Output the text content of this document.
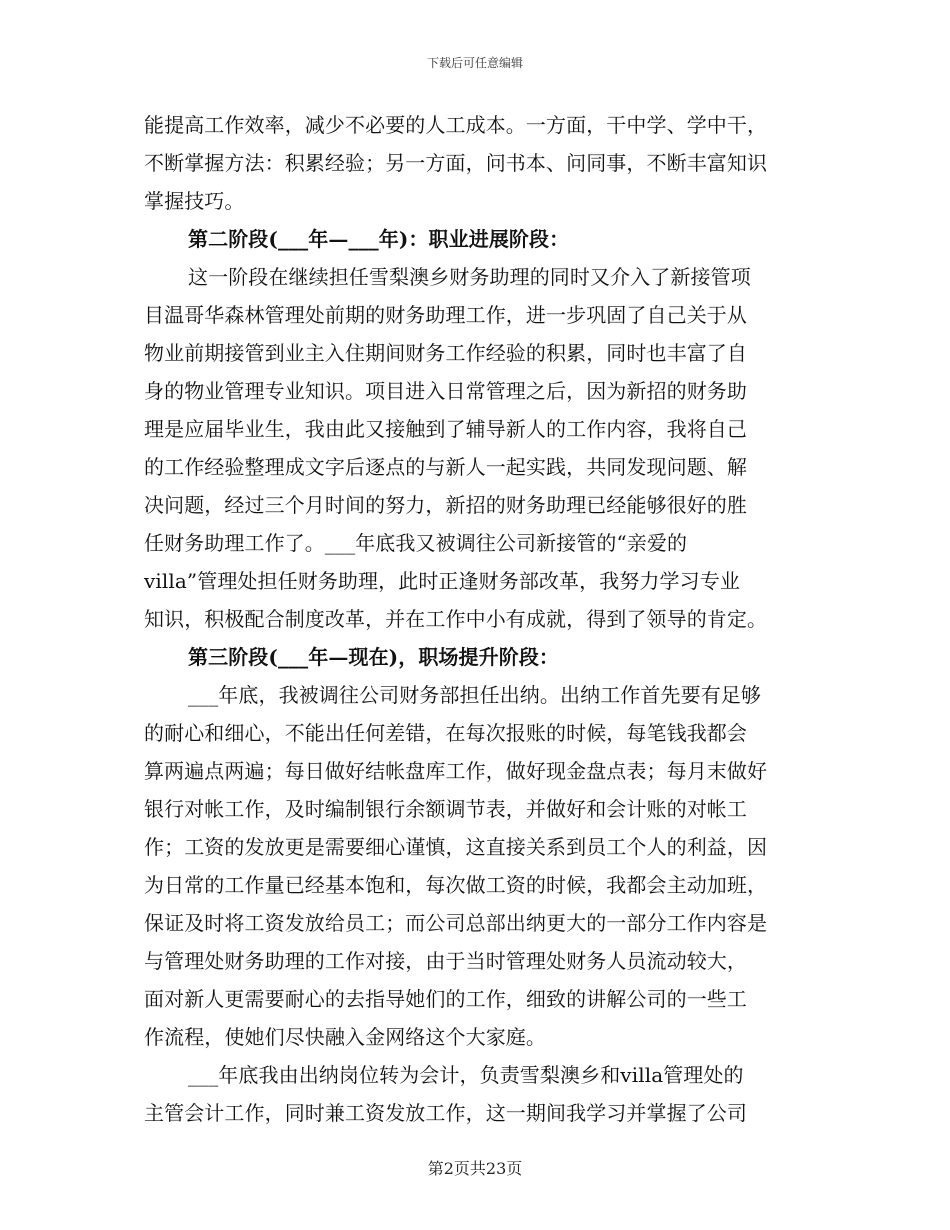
下载后可任意编辑
能提高工作效率，减少不必要的人工成本。一方面，干中学、学中干，
不断掌握方法：积累经验；另一方面，问书本、问同事，不断丰富知识
掌握技巧。
第二阶段(___年—___年)：职业进展阶段：
这一阶段在继续担任雪梨澳乡财务助理的同时又介入了新接管项
目温哥华森林管理处前期的财务助理工作，进一步巩固了自己关于从
物业前期接管到业主入住期间财务工作经验的积累，同时也丰富了自
身的物业管理专业知识。项目进入日常管理之后，因为新招的财务助
理是应届毕业生，我由此又接触到了辅导新人的工作内容，我将自己
的工作经验整理成文字后逐点的与新人一起实践，共同发现问题、解
决问题，经过三个月时间的努力，新招的财务助理已经能够很好的胜
任财务助理工作了。___年底我又被调往公司新接管的“亲爱的
villa”管理处担任财务助理，此时正逢财务部改革，我努力学习专业
知识，积极配合制度改革，并在工作中小有成就，得到了领导的肯定。
第三阶段(___年—现在)，职场提升阶段：
___年底，我被调往公司财务部担任出纳。出纳工作首先要有足够
的耐心和细心，不能出任何差错，在每次报账的时候，每笔钱我都会
算两遍点两遍；每日做好结帐盘库工作，做好现金盘点表；每月末做好
银行对帐工作，及时编制银行余额调节表，并做好和会计账的对帐工
作；工资的发放更是需要细心谨慎，这直接关系到员工个人的利益，因
为日常的工作量已经基本饱和，每次做工资的时候，我都会主动加班，
保证及时将工资发放给员工；而公司总部出纳更大的一部分工作内容是
与管理处财务助理的工作对接，由于当时管理处财务人员流动较大，
面对新人更需要耐心的去指导她们的工作，细致的讲解公司的一些工
作流程，使她们尽快融入金网络这个大家庭。
___年底我由出纳岗位转为会计，负责雪梨澳乡和villa管理处的
主管会计工作，同时兼工资发放工作，这一期间我学习并掌握了公司
第2页共23页
